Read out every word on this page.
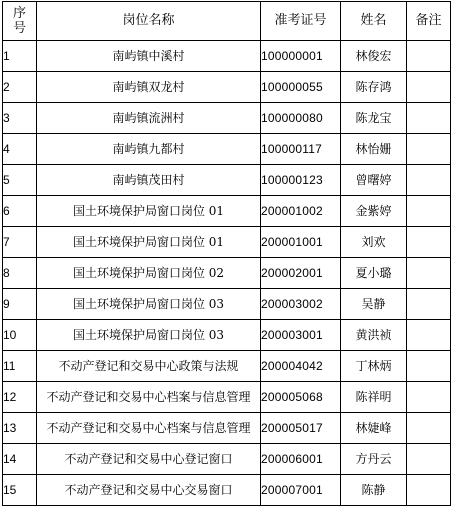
序
号	岗位名称	准考证号	姓名	备注
1	南屿镇中溪村	100000001	林俊宏	
2	南屿镇双龙村	100000055	陈存鸿	
3	南屿镇流洲村	100000080	陈龙宝	
4	南屿镇九都村	100000117	林怡姗	
5	南屿镇茂田村	100000123	曾曙婷	
6	国土环境保护局窗口岗位 01	200001002	金紫婷	
7	国土环境保护局窗口岗位 01	200001001	刘欢	
8	国土环境保护局窗口岗位 02	200002001	夏小璐	
9	国土环境保护局窗口岗位 03	200003002	吴静	
10	国土环境保护局窗口岗位 03	200003001	黄洪祯	
11	不动产登记和交易中心政策与法规	200004042	丁林炳	
12	不动产登记和交易中心档案与信息管理	200005068	陈祥明	
13	不动产登记和交易中心档案与信息管理	200005017	林婕峰	
14	不动产登记和交易中心登记窗口	200006001	方丹云	
15	不动产登记和交易中心交易窗口	200007001	陈静	
